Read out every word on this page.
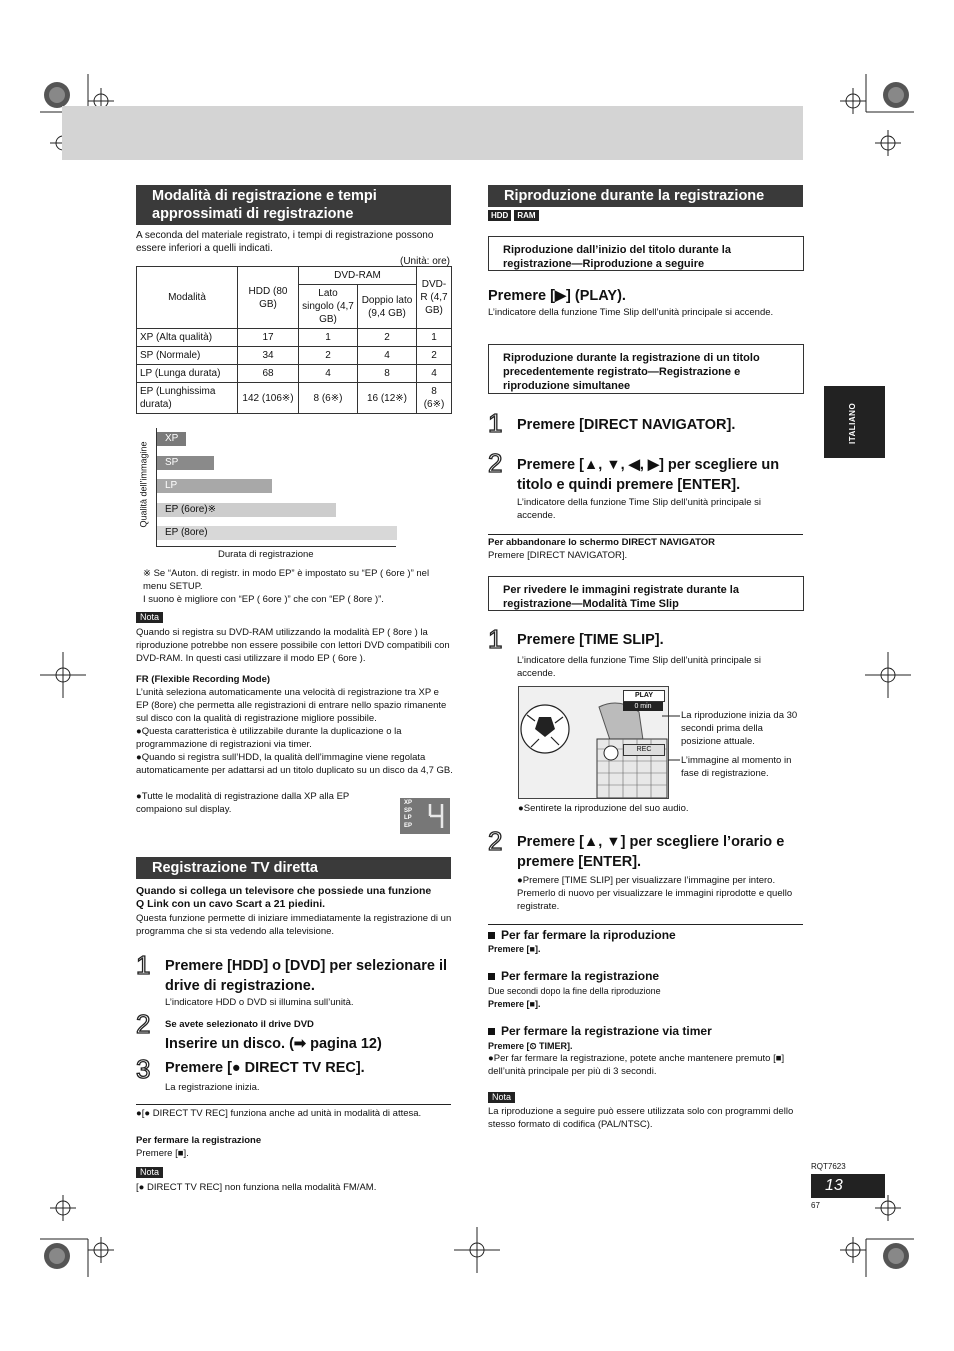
Modalità di registrazione e tempi approssimati di registrazione
A seconda del materiale registrato, i tempi di registrazione possono essere inferiori a quelli indicati.
(Unità: ore)
Modalità	HDD (80 GB)	DVD-RAM		DVD-R (4,7 GB)
		Lato singolo (4,7 GB)	Doppio lato (9,4 GB)	
XP (Alta qualità)	17	1	2	1
SP (Normale)	34	2	4	2
LP (Lunga durata)	68	4	8	4
EP (Lunghissima durata)	142 (106※)	8 (6※)	16 (12※)	8 (6※)
Qualità dell’immagine
XP
SP
LP
EP (6ore)※
EP (8ore)
Durata di registrazione
※ Se “Auton. di registr. in modo EP” è impostato su “EP ( 6ore )” nel menu SETUP.
I suono è migliore con “EP ( 6ore )” che con “EP ( 8ore )”.
Nota
Quando si registra su DVD-RAM utilizzando la modalità EP ( 8ore ) la riproduzione potrebbe non essere possibile con lettori DVD compatibili con DVD-RAM. In questi casi utilizzare il modo EP ( 6ore ).
FR (Flexible Recording Mode)
L’unità seleziona automaticamente una velocità di registrazione tra XP e EP (8ore) che permetta alle registrazioni di entrare nello spazio rimanente sul disco con la qualità di registrazione migliore possibile.
●Questa caratteristica è utilizzabile durante la duplicazione o la programmazione di registrazioni via timer.
●Quando si registra sull’HDD, la qualità dell’immagine viene regolata automaticamente per adattarsi ad un titolo duplicato su un disco da 4,7 GB.
●Tutte le modalità di registrazione dalla XP alla EP compaiono sul display.
XP SP LP EP
Registrazione TV diretta
Quando si collega un televisore che possiede una funzione Q Link con un cavo Scart a 21 piedini.
Questa funzione permette di iniziare immediatamente la registrazione di un programma che si sta vedendo alla televisione.
1 Premere [HDD] o [DVD] per selezionare il drive di registrazione.
L’indicatore HDD o DVD si illumina sull’unità.
2 Se avete selezionato il drive DVD
Inserire un disco. (➡ pagina 12)
3 Premere [● DIRECT TV REC].
La registrazione inizia.
●[● DIRECT TV REC] funziona anche ad unità in modalità di attesa.
Per fermare la registrazione
Premere [■].
Nota
[● DIRECT TV REC] non funziona nella modalità FM/AM.
Riproduzione durante la registrazione
HDD RAM
Riproduzione dall’inizio del titolo durante la registrazione—Riproduzione a seguire
Premere [▶] (PLAY).
L’indicatore della funzione Time Slip dell’unità principale si accende.
Riproduzione durante la registrazione di un titolo precedentemente registrato—Registrazione e riproduzione simultanee
1 Premere [DIRECT NAVIGATOR].
2 Premere [▲, ▼, ◀, ▶] per scegliere un titolo e quindi premere [ENTER].
L’indicatore della funzione Time Slip dell’unità principale si accende.
Per abbandonare lo schermo DIRECT NAVIGATOR
Premere [DIRECT NAVIGATOR].
Per rivedere le immagini registrate durante la registrazione—Modalità Time Slip
1 Premere [TIME SLIP].
L’indicatore della funzione Time Slip dell’unità principale si accende.
PLAY
0 min
REC
La riproduzione inizia da 30 secondi prima della posizione attuale.
L’immagine al momento in fase di registrazione.
●Sentirete la riproduzione del suo audio.
2 Premere [▲, ▼] per scegliere l’orario e premere [ENTER].
●Premere [TIME SLIP] per visualizzare l’immagine per intero. Premerlo di nuovo per visualizzare le immagini riprodotte e quello registrate.
Per far fermare la riproduzione
Premere [■].
Per fermare la registrazione
Due secondi dopo la fine della riproduzione
Premere [■].
Per fermare la registrazione via timer
Premere [⏲ TIMER].
●Per far fermare la registrazione, potete anche mantenere premuto [■] dell’unità principale per più di 3 secondi.
Nota
La riproduzione a seguire può essere utilizzata solo con programmi dello stesso formato di codifica (PAL/NTSC).
ITALIANO
RQT7623
13
67
